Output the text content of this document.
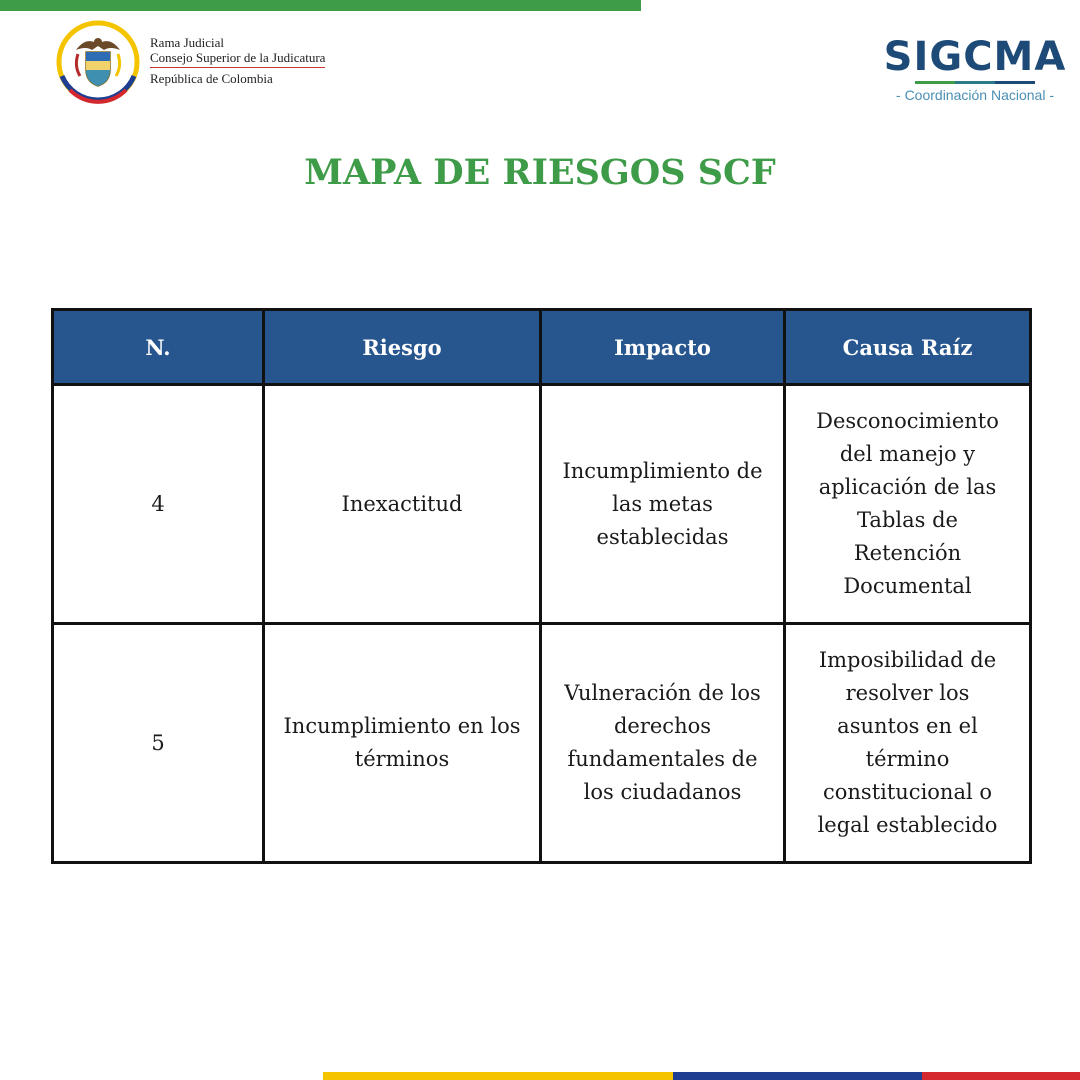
Rama Judicial
Consejo Superior de la Judicatura
República de Colombia	SIGCMA
- Coordinación Nacional -
MAPA DE RIESGOS SCF
N.	Riesgo	Impacto	Causa Raíz
4	Inexactitud	Incumplimiento de las metas establecidas	Desconocimiento del manejo y aplicación de las Tablas de Retención Documental
5	Incumplimiento en los términos	Vulneración de los derechos fundamentales de los ciudadanos	Imposibilidad de resolver los asuntos en el término constitucional o legal establecido
